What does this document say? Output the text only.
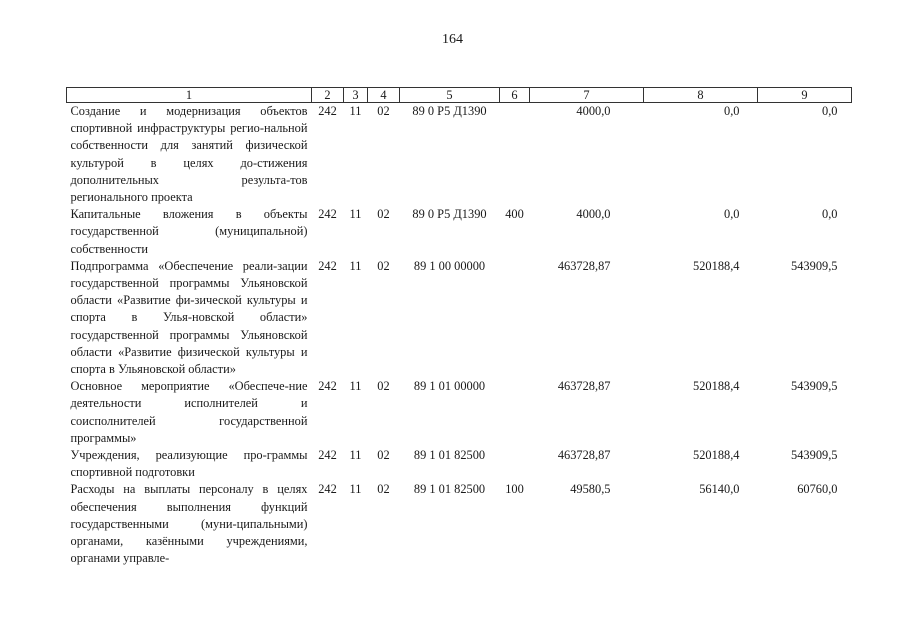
164
1	2	3	4	5	6	7	8	9
Создание и модернизация объектов спортивной инфраструктуры регио-нальной собственности для занятий физической культурой в целях до-стижения дополнительных результа-тов регионального проекта	242	11	02	89 0 Р5 Д1390		4000,0	0,0	0,0
Капитальные вложения в объекты государственной (муниципальной) собственности	242	11	02	89 0 Р5 Д1390	400	4000,0	0,0	0,0
Подпрограмма «Обеспечение реали-зации государственной программы Ульяновской области «Развитие фи-зической культуры и спорта в Улья-новской области» государственной программы Ульяновской области «Развитие физической культуры и спорта в Ульяновской области»	242	11	02	89 1 00 00000		463728,87	520188,4	543909,5
Основное мероприятие «Обеспече-ние деятельности исполнителей и соисполнителей государственной программы»	242	11	02	89 1 01 00000		463728,87	520188,4	543909,5
Учреждения, реализующие про-граммы спортивной подготовки	242	11	02	89 1 01 82500		463728,87	520188,4	543909,5
Расходы на выплаты персоналу в целях обеспечения выполнения функций государственными (муни-ципальными) органами, казёнными учреждениями, органами управле-	242	11	02	89 1 01 82500	100	49580,5	56140,0	60760,0
